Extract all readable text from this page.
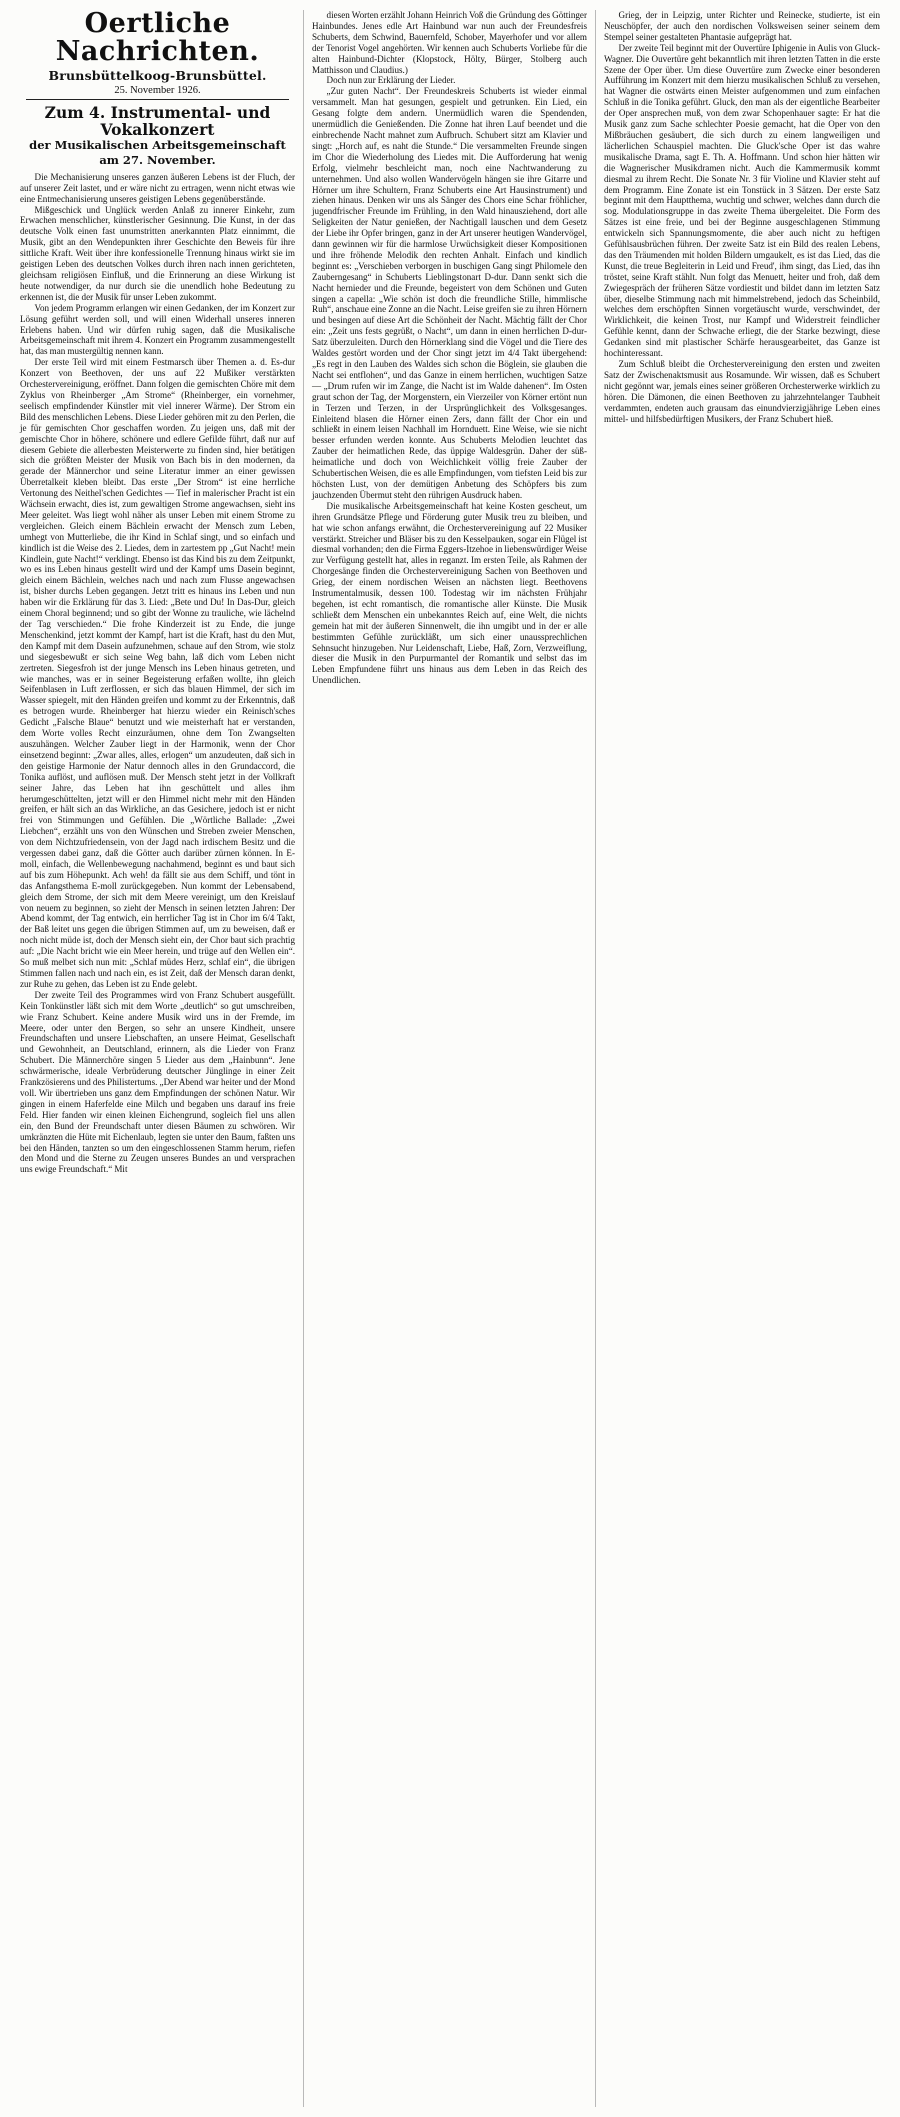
Oertliche Nachrichten.
Brunsbüttelkoog-Brunsbüttel.
25. November 1926.
Zum 4. Instrumental- und Vokalkonzert
der Musikalischen Arbeitsgemeinschaft
am 27. November.

Die Mechanisierung unseres ganzen äußeren Lebens ist der Fluch, der auf unserer Zeit lastet, und er wäre nicht zu ertragen, wenn nicht etwas wie eine Entmechanisierung unseres geistigen Lebens gegenüberstände.

Mißgeschick und Unglück werden Anlaß zu innerer Einkehr, zum Erwachen menschlicher, künstlerischer Gesinnung. Die Kunst, in der das deutsche Volk einen fast unumstritten anerkannten Platz einnimmt, die Musik, gibt an den Wendepunkten ihrer Geschichte den Beweis für ihre sittliche Kraft. Weit über ihre konfessionelle Trennung hinaus wirkt sie im geistigen Leben des deutschen Volkes durch ihren nach innen gerichteten, gleichsam religiösen Einfluß, und die Erinnerung an diese Wirkung ist heute notwendiger, da nur durch sie die unendlich hohe Bedeutung zu erkennen ist, die der Musik für unser Leben zukommt.

Von jedem Programm erlangen wir einen Gedanken, der im Konzert zur Lösung geführt werden soll, und will einen Widerhall unseres inneren Erlebens haben. Und wir dürfen ruhig sagen, daß die Musikalische Arbeitsgemeinschaft mit ihrem 4. Konzert ein Programm zusammengestellt hat, das man mustergültig nennen kann.

Der erste Teil wird mit einem Festmarsch über Themen a. d. Es-dur Konzert von Beethoven, der uns auf 22 Mußiker verstärkten Orchestervereinigung, eröffnet. Dann folgen die gemischten Chöre mit dem Zyklus von Rheinberger „Am Strome“ (Rheinberger, ein vornehmer, seelisch empfindender Künstler mit viel innerer Wärme). Der Strom ein Bild des menschlichen Lebens. Diese Lieder gehören mit zu den Perlen, die je für gemischten Chor geschaffen worden. Zu jeigen uns, daß mit der gemischte Chor in höhere, schönere und edlere Gefilde führt, daß nur auf diesem Gebiete die allerbesten Meisterwerte zu finden sind, hier betätigen sich die größten Meister der Musik von Bach bis in den modernen, da gerade der Männerchor und seine Literatur immer an einer gewissen Überretalkeit kleben bleibt. Das erste „Der Strom“ ist eine herrliche Vertonung des Neithel'schen Gedichtes — Tief in malerischer Pracht ist ein Wächsein erwacht, dies ist, zum gewaltigen Strome angewachsen, sieht ins Meer geleitet. Was liegt wohl näher als unser Leben mit einem Strome zu vergleichen. Gleich einem Bächlein erwacht der Mensch zum Leben, umhegt von Mutterliebe, die ihr Kind in Schlaf singt, und so einfach und kindlich ist die Weise des 2. Liedes, dem in zartestem pp „Gut Nacht! mein Kindlein, gute Nacht!“ verklingt. Ebenso ist das Kind bis zu dem Zeitpunkt, wo es ins Leben hinaus gestellt wird und der Kampf ums Dasein beginnt, gleich einem Bächlein, welches nach und nach zum Flusse angewachsen ist, bisher durchs Leben gegangen. Jetzt tritt es hinaus ins Leben und nun haben wir die Erklärung für das 3. Lied: „Bete und Du! In Das-Dur, gleich einem Choral beginnend; und so gibt der Wonne zu trauliche, wie lächelnd der Tag verschieden.“ Die frohe Kinderzeit ist zu Ende, die junge Menschenkind, jetzt kommt der Kampf, hart ist die Kraft, hast du den Mut, den Kampf mit dem Dasein aufzunehmen, schaue auf den Strom, wie stolz und siegesbewußt er sich seine Weg bahn, laß dich vom Leben nicht zertreten. Siegesfroh ist der junge Mensch ins Leben hinaus getreten, und wie manches, was er in seiner Begeisterung erfaßen wollte, ihn gleich Seifenblasen in Luft zerflossen, er sich das blauen Himmel, der sich im Wasser spiegelt, mit den Händen greifen und kommt zu der Erkenntnis, daß es betrogen wurde. Rheinberger hat hierzu wieder ein Reinisch'sches Gedicht „Falsche Blaue“ benutzt und wie meisterhaft hat er verstanden, dem Worte volles Recht einzuräumen, ohne dem Ton Zwangselten auszuhängen. Welcher Zauber liegt in der Harmonik, wenn der Chor einsetzend beginnt: „Zwar alles, alles, erlogen“ um anzudeuten, daß sich in den geistige Harmonie der Natur dennoch alles in den Grundaccord, die Tonika auflöst, und auflösen muß. Der Mensch steht jetzt in der Vollkraft seiner Jahre, das Leben hat ihn geschüttelt und alles ihm herumgeschüttelten, jetzt will er den Himmel nicht mehr mit den Händen greifen, er hält sich an das Wirkliche, an das Gesichere, jedoch ist er nicht frei von Stimmungen und Gefühlen. Die „Wörtliche Ballade: „Zwei Liebchen“, erzählt uns von den Wünschen und Streben zweier Menschen, von dem Nichtzufriedensein, von der Jagd nach irdischem Besitz und die vergessen dabei ganz, daß die Götter auch darüber zürnen können. In E-moll, einfach, die Wellenbewegung nachahmend, beginnt es und baut sich auf bis zum Höhepunkt. Ach weh! da fällt sie aus dem Schiff, und tönt in das Anfangsthema E-moll zurückgegeben. Nun kommt der Lebensabend, gleich dem Strome, der sich mit dem Meere vereinigt, um den Kreislauf von neuem zu beginnen, so zieht der Mensch in seinen letzten Jahren: Der Abend kommt, der Tag entwich, ein herrlicher Tag ist in Chor im 6/4 Takt, der Baß leitet uns gegen die übrigen Stimmen auf, um zu beweisen, daß er noch nicht müde ist, doch der Mensch sieht ein, der Chor baut sich prachtig auf: „Die Nacht bricht wie ein Meer herein, und trüge auf den Wellen ein“. So muß melbet sich nun mit: „Schlaf müdes Herz, schlaf ein“, die übrigen Stimmen fallen nach und nach ein, es ist Zeit, daß der Mensch daran denkt, zur Ruhe zu gehen, das Leben ist zu Ende gelebt.

Der zweite Teil des Programmes wird von Franz Schubert ausgefüllt. Kein Tonkünstler läßt sich mit dem Worte „deutlich“ so gut umschreiben, wie Franz Schubert. Keine andere Musik wird uns in der Fremde, im Meere, oder unter den Bergen, so sehr an unsere Kindheit, unsere Freundschaften und unsere Liebschaften, an unsere Heimat, Gesellschaft und Gewohnheit, an Deutschland, erinnern, als die Lieder von Franz Schubert. Die Männerchöre singen 5 Lieder aus dem „Hainbunn“. Jene schwärmerische, ideale Verbrüderung deutscher Jünglinge in einer Zeit Frankzösierens und des Philistertums. „Der Abend war heiter und der Mond voll. Wir übertrieben uns ganz dem Empfindungen der schönen Natur. Wir gingen in einem Haferfelde eine Milch und begaben uns darauf ins freie Feld. Hier fanden wir einen kleinen Eichengrund, sogleich fiel uns allen ein, den Bund der Freundschaft unter diesen Bäumen zu schwören. Wir umkränzten die Hüte mit Eichenlaub, legten sie unter den Baum, faßten uns bei den Händen, tanzten so um den eingeschlossenen Stamm herum, riefen den Mond und die Sterne zu Zeugen unseres Bundes an und versprachen uns ewige Freundschaft.“ Mit

diesen Worten erzählt Johann Heinrich Voß die Gründung des Göttinger Hainbundes. Jenes edle Art Hainbund war nun auch der Freundesfreis Schuberts, dem Schwind, Bauernfeld, Schober, Mayerhofer und vor allem der Tenorist Vogel angehörten. Wir kennen auch Schuberts Vorliebe für die alten Hainbund-Dichter (Klopstock, Hölty, Bürger, Stolberg auch Matthisson und Claudius.)

Doch nun zur Erklärung der Lieder.

„Zur guten Nacht“. Der Freundeskreis Schuberts ist wieder einmal versammelt. Man hat gesungen, gespielt und getrunken. Ein Lied, ein Gesang folgte dem andern. Unermüdlich waren die Spendenden, unermüdlich die Genießenden. Die Zonne hat ihren Lauf beendet und die einbrechende Nacht mahnet zum Aufbruch. Schubert sitzt am Klavier und singt: „Horch auf, es naht die Stunde.“ Die versammelten Freunde singen im Chor die Wiederholung des Liedes mit. Die Aufforderung hat wenig Erfolg, vielmehr beschleicht man, noch eine Nachtwanderung zu unternehmen. Und also wollen Wandervögeln hängen sie ihre Gitarre und Hörner um ihre Schultern, Franz Schuberts eine Art Hausinstrument) und ziehen hinaus. Denken wir uns als Sänger des Chors eine Schar fröhlicher, jugendfrischer Freunde im Frühling, in den Wald hinausziehend, dort alle Seligkeiten der Natur genießen, der Nachtigall lauschen und dem Gesetz der Liebe ihr Opfer bringen, ganz in der Art unserer heutigen Wandervögel, dann gewinnen wir für die harmlose Urwüchsigkeit dieser Kompositionen und ihre fröhende Melodik den rechten Anhalt. Einfach und kindlich beginnt es: „Verschieben verborgen in buschigen Gang singt Philomele den Zauberngesang“ in Schuberts Lieblingstonart D-dur. Dann senkt sich die Nacht hernieder und die Freunde, begeistert von dem Schönen und Guten singen a capella: „Wie schön ist doch die freundliche Stille, himmlische Ruh“, anschaue eine Zonne an die Nacht. Leise greifen sie zu ihren Hörnern und besingen auf diese Art die Schönheit der Nacht. Mächtig fällt der Chor ein: „Zeit uns fests gegrüßt, o Nacht“, um dann in einen herrlichen D-dur-Satz überzuleiten. Durch den Hörnerklang sind die Vögel und die Tiere des Waldes gestört worden und der Chor singt jetzt im 4/4 Takt übergehend: „Es regt in den Lauben des Waldes sich schon die Böglein, sie glauben die Nacht sei entflohen“, und das Ganze in einem herrlichen, wuchtigen Satze — „Drum rufen wir im Zange, die Nacht ist im Walde dahenen“. Im Osten graut schon der Tag, der Morgenstern, ein Vierzeiler von Körner ertönt nun in Terzen und Terzen, in der Ursprünglichkeit des Volksgesanges. Einleitend blasen die Hörner einen Zers, dann fällt der Chor ein und schließt in einem leisen Nachhall im Hornduett. Eine Weise, wie sie nicht besser erfunden werden konnte. Aus Schuberts Melodien leuchtet das Zauber der heimatlichen Rede, das üppige Waldesgrün. Daher der süß-heimatliche und doch von Weichlichkeit völlig freie Zauber der Schubertischen Weisen, die es alle Empfindungen, vom tiefsten Leid bis zur höchsten Lust, von der demütigen Anbetung des Schöpfers bis zum jauchzenden Übermut steht den rührigen Ausdruck haben.

Die musikalische Arbeitsgemeinschaft hat keine Kosten gescheut, um ihren Grundsätze Pflege und Förderung guter Musik treu zu bleiben, und hat wie schon anfangs erwähnt, die Orchestervereinigung auf 22 Musiker verstärkt. Streicher und Bläser bis zu den Kesselpauken, sogar ein Flügel ist diesmal vorhanden; den die Firma Eggers-Itzehoe in liebenswürdiger Weise zur Verfügung gestellt hat, alles in reganzt. Im ersten Teile, als Rahmen der Chorgesänge finden die Orchestervereinigung Sachen von Beethoven und Grieg, der einem nordischen Weisen an nächsten liegt. Beethovens Instrumentalmusik, dessen 100. Todestag wir im nächsten Frühjahr begehen, ist echt romantisch, die romantische aller Künste. Die Musik schließt dem Menschen ein unbekanntes Reich auf, eine Welt, die nichts gemein hat mit der äußeren Sinnenwelt, die ihn umgibt und in der er alle bestimmten Gefühle zurückläßt, um sich einer unaussprechlichen Sehnsucht hinzugeben. Nur Leidenschaft, Liebe, Haß, Zorn, Verzweiflung, dieser die Musik in den Purpurmantel der Romantik und selbst das im Leben Empfundene führt uns hinaus aus dem Leben in das Reich des Unendlichen.

Grieg, der in Leipzig, unter Richter und Reinecke, studierte, ist ein Neuschöpfer, der auch den nordischen Volksweisen seiner seinem dem Stempel seiner gestalteten Phantasie aufgeprägt hat.

Der zweite Teil beginnt mit der Ouvertüre Iphigenie in Aulis von Gluck-Wagner. Die Ouvertüre geht bekanntlich mit ihren letzten Tatten in die erste Szene der Oper über. Um diese Ouvertüre zum Zwecke einer besonderen Aufführung im Konzert mit dem hierzu musikalischen Schluß zu versehen, hat Wagner die ostwärts einen Meister aufgenommen und zum einfachen Schluß in die Tonika geführt. Gluck, den man als der eigentliche Bearbeiter der Oper ansprechen muß, von dem zwar Schopenhauer sagte: Er hat die Musik ganz zum Sache schlechter Poesie gemacht, hat die Oper von den Mißbräuchen gesäubert, die sich durch zu einem langweiligen und lächerlichen Schauspiel machten. Die Gluck'sche Oper ist das wahre musikalische Drama, sagt E. Th. A. Hoffmann. Und schon hier hätten wir die Wagnerischer Musikdramen nicht. Auch die Kammermusik kommt diesmal zu ihrem Recht. Die Sonate Nr. 3 für Violine und Klavier steht auf dem Programm. Eine Zonate ist ein Tonstück in 3 Sätzen. Der erste Satz beginnt mit dem Hauptthema, wuchtig und schwer, welches dann durch die sog. Modulationsgruppe in das zweite Thema übergeleitet. Die Form des Sätzes ist eine freie, und bei der Beginne ausgeschlagenen Stimmung entwickeln sich Spannungsmomente, die aber auch nicht zu heftigen Gefühlsausbrüchen führen. Der zweite Satz ist ein Bild des realen Lebens, das den Träumenden mit holden Bildern umgaukelt, es ist das Lied, das die Kunst, die treue Begleiterin in Leid und Freud', ihm singt, das Lied, das ihn tröstet, seine Kraft stählt. Nun folgt das Menuett, heiter und froh, daß dem Zwiegespräch der früheren Sätze vordiestit und bildet dann im letzten Satz über, dieselbe Stimmung nach mit himmelstrebend, jedoch das Scheinbild, welches dem erschöpften Sinnen vorgetäuscht wurde, verschwindet, der Wirklichkeit, die keinen Trost, nur Kampf und Widerstreit feindlicher Gefühle kennt, dann der Schwache erliegt, die der Starke bezwingt, diese Gedanken sind mit plastischer Schärfe herausgearbeitet, das Ganze ist hochinteressant.

Zum Schluß bleibt die Orchestervereinigung den ersten und zweiten Satz der Zwischenaktsmusit aus Rosamunde. Wir wissen, daß es Schubert nicht gegönnt war, jemals eines seiner größeren Orchesterwerke wirklich zu hören. Die Dämonen, die einen Beethoven zu jahrzehntelanger Taubheit verdammten, endeten auch grausam das einundvierzigjährige Leben eines mittel- und hilfsbedürftigen Musikers, der Franz Schubert hieß.
